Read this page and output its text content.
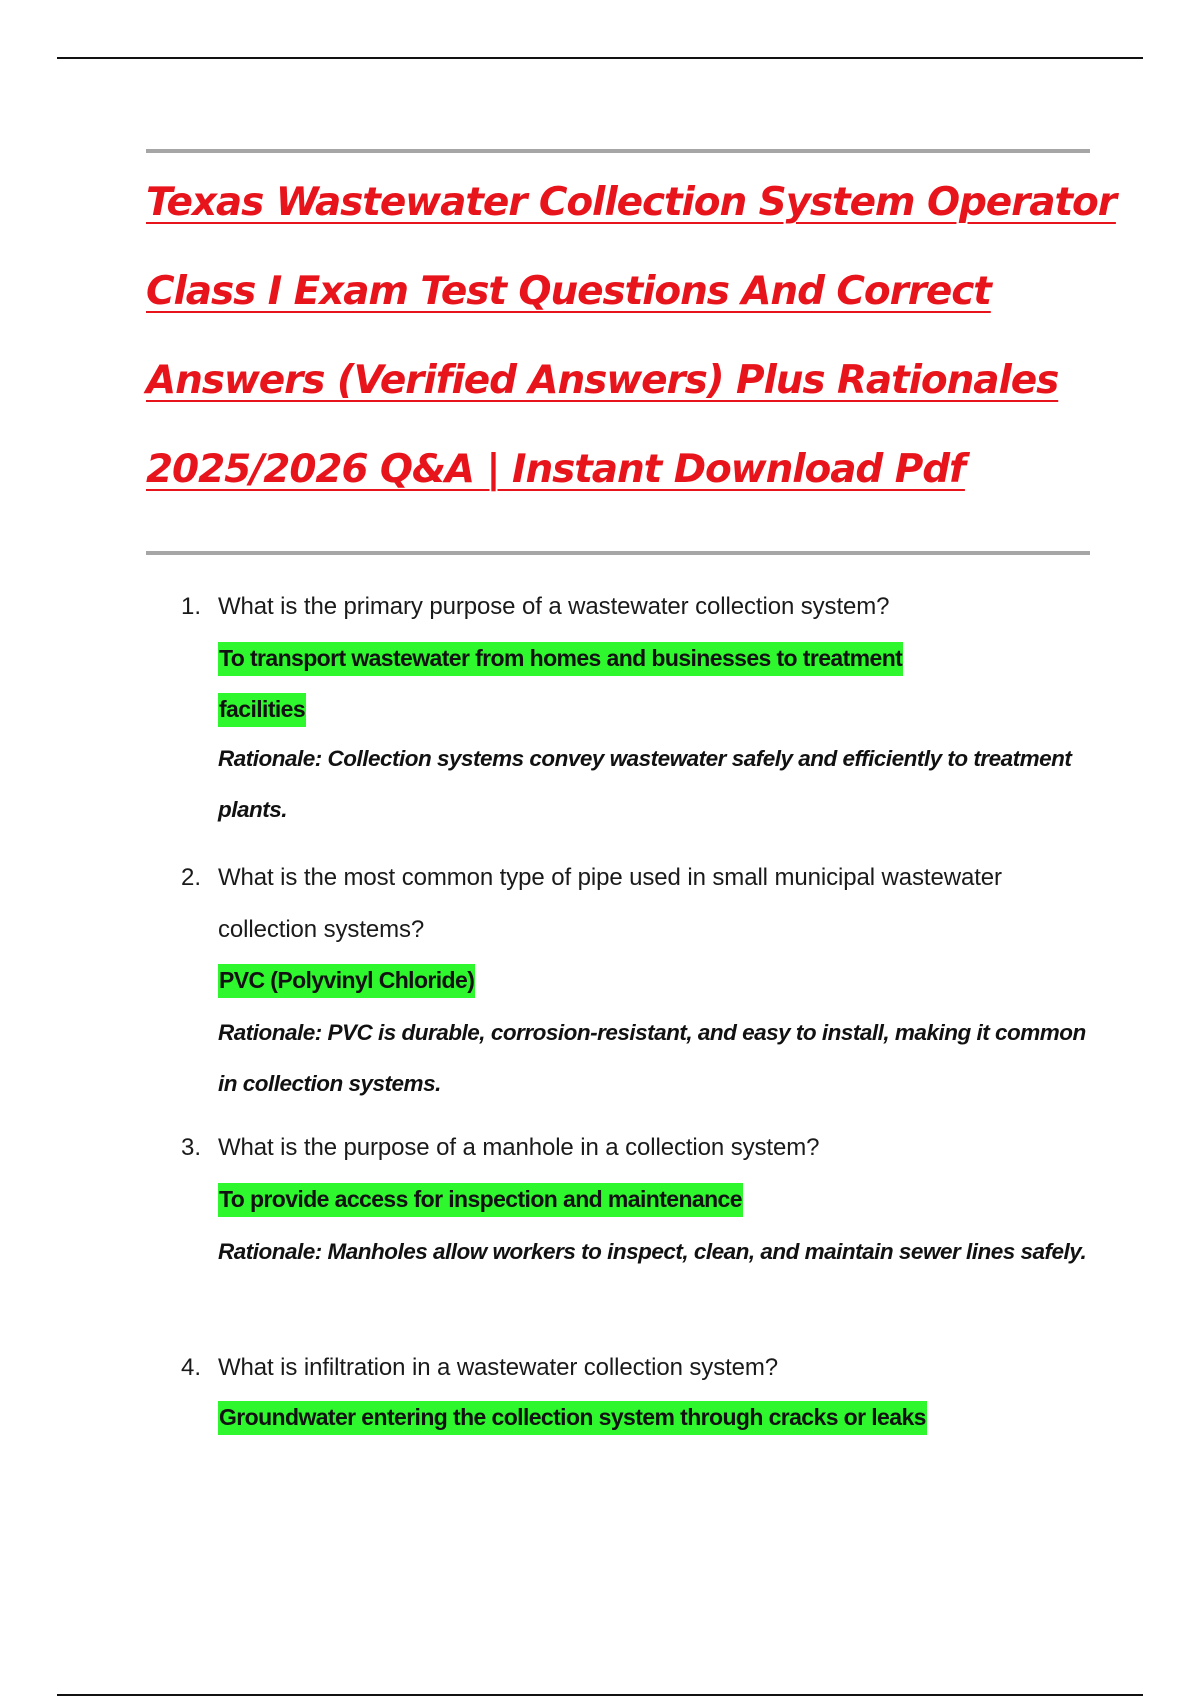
Texas Wastewater Collection System Operator
Class I Exam Test Questions And Correct
Answers (Verified Answers) Plus Rationales
2025/2026 Q&A | Instant Download Pdf
1. What is the primary purpose of a wastewater collection system?
To transport wastewater from homes and businesses to treatment
facilities
Rationale: Collection systems convey wastewater safely and efficiently to treatment plants.
2. What is the most common type of pipe used in small municipal wastewater collection systems?
PVC (Polyvinyl Chloride)
Rationale: PVC is durable, corrosion-resistant, and easy to install, making it common in collection systems.
3. What is the purpose of a manhole in a collection system?
To provide access for inspection and maintenance
Rationale: Manholes allow workers to inspect, clean, and maintain sewer lines safely.
4. What is infiltration in a wastewater collection system?
Groundwater entering the collection system through cracks or leaks
